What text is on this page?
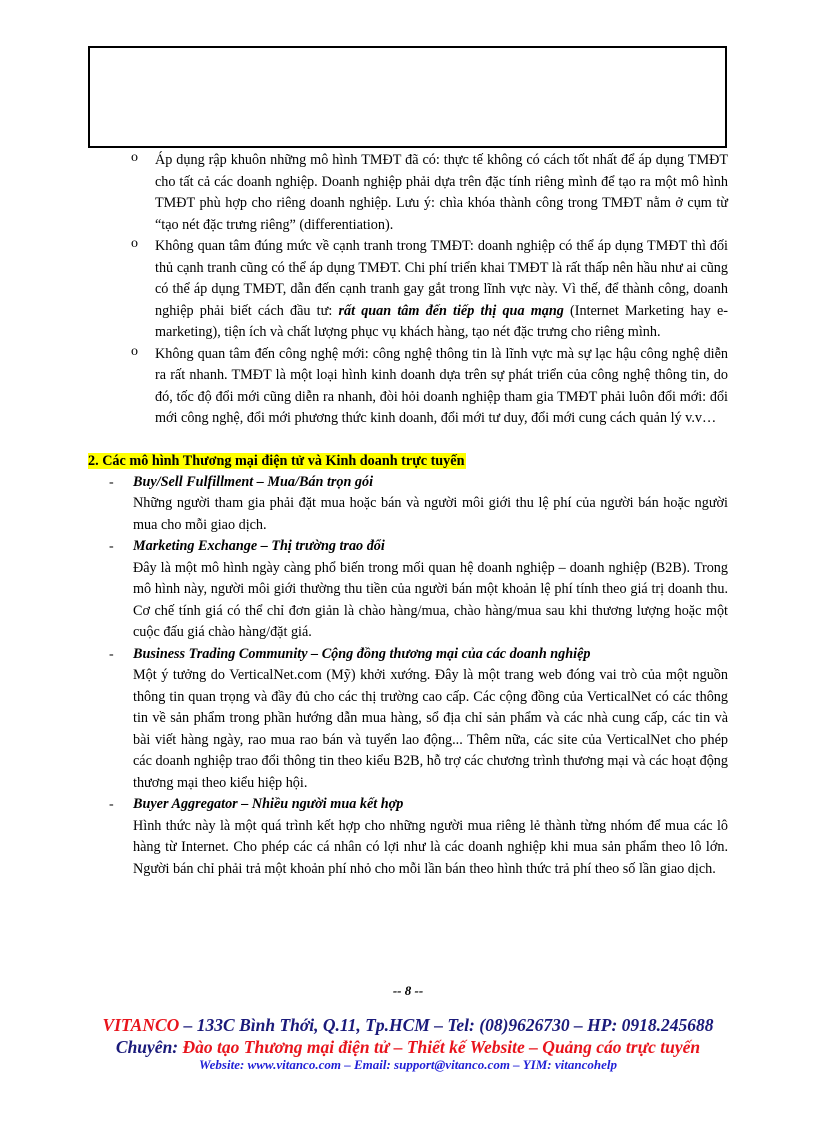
o Áp dụng rập khuôn những mô hình TMĐT đã có: thực tế không có cách tốt nhất để áp dụng TMĐT cho tất cả các doanh nghiệp. Doanh nghiệp phải dựa trên đặc tính riêng mình để tạo ra một mô hình TMĐT phù hợp cho riêng doanh nghiệp. Lưu ý: chìa khóa thành công trong TMĐT nằm ở cụm từ “tạo nét đặc trưng riêng” (differentiation).

o Không quan tâm đúng mức về cạnh tranh trong TMĐT: doanh nghiệp có thể áp dụng TMĐT thì đối thủ cạnh tranh cũng có thể áp dụng TMĐT. Chi phí triển khai TMĐT là rất thấp nên hầu như ai cũng có thể áp dụng TMĐT, dẫn đến cạnh tranh gay gắt trong lĩnh vực này. Vì thế, để thành công, doanh nghiệp phải biết cách đầu tư: rất quan tâm đến tiếp thị qua mạng (Internet Marketing hay e-marketing), tiện ích và chất lượng phục vụ khách hàng, tạo nét đặc trưng cho riêng mình.

o Không quan tâm đến công nghệ mới: công nghệ thông tin là lĩnh vực mà sự lạc hậu công nghệ diễn ra rất nhanh. TMĐT là một loại hình kinh doanh dựa trên sự phát triển của công nghệ thông tin, do đó, tốc độ đổi mới cũng diễn ra nhanh, đòi hỏi doanh nghiệp tham gia TMĐT phải luôn đổi mới: đổi mới công nghệ, đổi mới phương thức kinh doanh, đổi mới tư duy, đổi mới cung cách quản lý v.v…

2. Các mô hình Thương mại điện tử và Kinh doanh trực tuyến
- Buy/Sell Fulfillment – Mua/Bán trọn gói

Những người tham gia phải đặt mua hoặc bán và người môi giới thu lệ phí của người bán hoặc người mua cho mỗi giao dịch.

- Marketing Exchange – Thị trường trao đổi

Đây là một mô hình ngày càng phổ biến trong mối quan hệ doanh nghiệp – doanh nghiệp (B2B). Trong mô hình này, người môi giới thường thu tiền của người bán một khoản lệ phí tính theo giá trị doanh thu. Cơ chế tính giá có thể chỉ đơn giản là chào hàng/mua, chào hàng/mua sau khi thương lượng hoặc một cuộc đấu giá chào hàng/đặt giá.

- Business Trading Community – Cộng đồng thương mại của các doanh nghiệp

Một ý tưởng do VerticalNet.com (Mỹ) khởi xướng. Đây là một trang web đóng vai trò của một nguồn thông tin quan trọng và đầy đủ cho các thị trường cao cấp. Các cộng đồng của VerticalNet có các thông tin về sản phẩm trong phần hướng dẫn mua hàng, sổ địa chỉ sản phẩm và các nhà cung cấp, các tin và bài viết hàng ngày, rao mua rao bán và tuyển lao động... Thêm nữa, các site của VerticalNet cho phép các doanh nghiệp trao đổi thông tin theo kiểu B2B, hỗ trợ các chương trình thương mại và các hoạt động thương mại theo kiểu hiệp hội.

- Buyer Aggregator – Nhiều người mua kết hợp

Hình thức này là một quá trình kết hợp cho những người mua riêng lẻ thành từng nhóm để mua các lô hàng từ Internet. Cho phép các cá nhân có lợi như là các doanh nghiệp khi mua sản phẩm theo lô lớn. Người bán chỉ phải trả một khoản phí nhỏ cho mỗi lần bán theo hình thức trả phí theo số lần giao dịch.

-- 8 --
VITANCO – 133C Bình Thới, Q.11, Tp.HCM – Tel: (08)9626730 – HP: 0918.245688
Chuyên: Đào tạo Thương mại điện tử – Thiết kế Website – Quảng cáo trực tuyến
Website: www.vitanco.com – Email: support@vitanco.com – YIM: vitancohelp
